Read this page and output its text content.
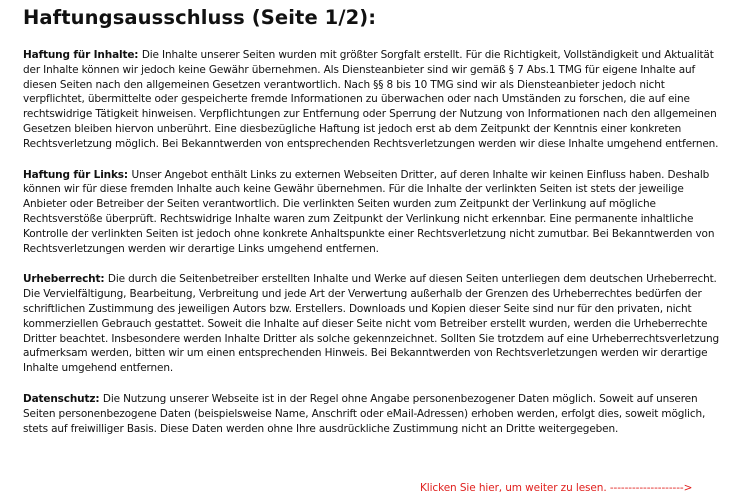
Haftungsausschluss (Seite 1/2):

Haftung für Inhalte: Die Inhalte unserer Seiten wurden mit größter Sorgfalt erstellt. Für die Richtigkeit, Vollständigkeit und Aktualität der Inhalte können wir jedoch keine Gewähr übernehmen. Als Diensteanbieter sind wir gemäß § 7 Abs.1 TMG für eigene Inhalte auf diesen Seiten nach den allgemeinen Gesetzen verantwortlich. Nach §§ 8 bis 10 TMG sind wir als Diensteanbieter jedoch nicht verpflichtet, übermittelte oder gespeicherte fremde Informationen zu überwachen oder nach Umständen zu forschen, die auf eine rechtswidrige Tätigkeit hinweisen. Verpflichtungen zur Entfernung oder Sperrung der Nutzung von Informationen nach den allgemeinen Gesetzen bleiben hiervon unberührt. Eine diesbezügliche Haftung ist jedoch erst ab dem Zeitpunkt der Kenntnis einer konkreten Rechtsverletzung möglich. Bei Bekanntwerden von entsprechenden Rechtsverletzungen werden wir diese Inhalte umgehend entfernen.

Haftung für Links: Unser Angebot enthält Links zu externen Webseiten Dritter, auf deren Inhalte wir keinen Einfluss haben. Deshalb können wir für diese fremden Inhalte auch keine Gewähr übernehmen. Für die Inhalte der verlinkten Seiten ist stets der jeweilige Anbieter oder Betreiber der Seiten verantwortlich. Die verlinkten Seiten wurden zum Zeitpunkt der Verlinkung auf mögliche Rechtsverstöße überprüft. Rechtswidrige Inhalte waren zum Zeitpunkt der Verlinkung nicht erkennbar. Eine permanente inhaltliche Kontrolle der verlinkten Seiten ist jedoch ohne konkrete Anhaltspunkte einer Rechtsverletzung nicht zumutbar. Bei Bekanntwerden von Rechtsverletzungen werden wir derartige Links umgehend entfernen.

Urheberrecht: Die durch die Seitenbetreiber erstellten Inhalte und Werke auf diesen Seiten unterliegen dem deutschen Urheberrecht. Die Vervielfältigung, Bearbeitung, Verbreitung und jede Art der Verwertung außerhalb der Grenzen des Urheberrechtes bedürfen der schriftlichen Zustimmung des jeweiligen Autors bzw. Erstellers. Downloads und Kopien dieser Seite sind nur für den privaten, nicht kommerziellen Gebrauch gestattet. Soweit die Inhalte auf dieser Seite nicht vom Betreiber erstellt wurden, werden die Urheberrechte Dritter beachtet. Insbesondere werden Inhalte Dritter als solche gekennzeichnet. Sollten Sie trotzdem auf eine Urheberrechtsverletzung aufmerksam werden, bitten wir um einen entsprechenden Hinweis. Bei Bekanntwerden von Rechtsverletzungen werden wir derartige Inhalte umgehend entfernen.

Datenschutz: Die Nutzung unserer Webseite ist in der Regel ohne Angabe personenbezogener Daten möglich. Soweit auf unseren Seiten personenbezogene Daten (beispielsweise Name, Anschrift oder eMail-Adressen) erhoben werden, erfolgt dies, soweit möglich, stets auf freiwilliger Basis. Diese Daten werden ohne Ihre ausdrückliche Zustimmung nicht an Dritte weitergegeben.

Klicken Sie hier, um weiter zu lesen. -------------------->
